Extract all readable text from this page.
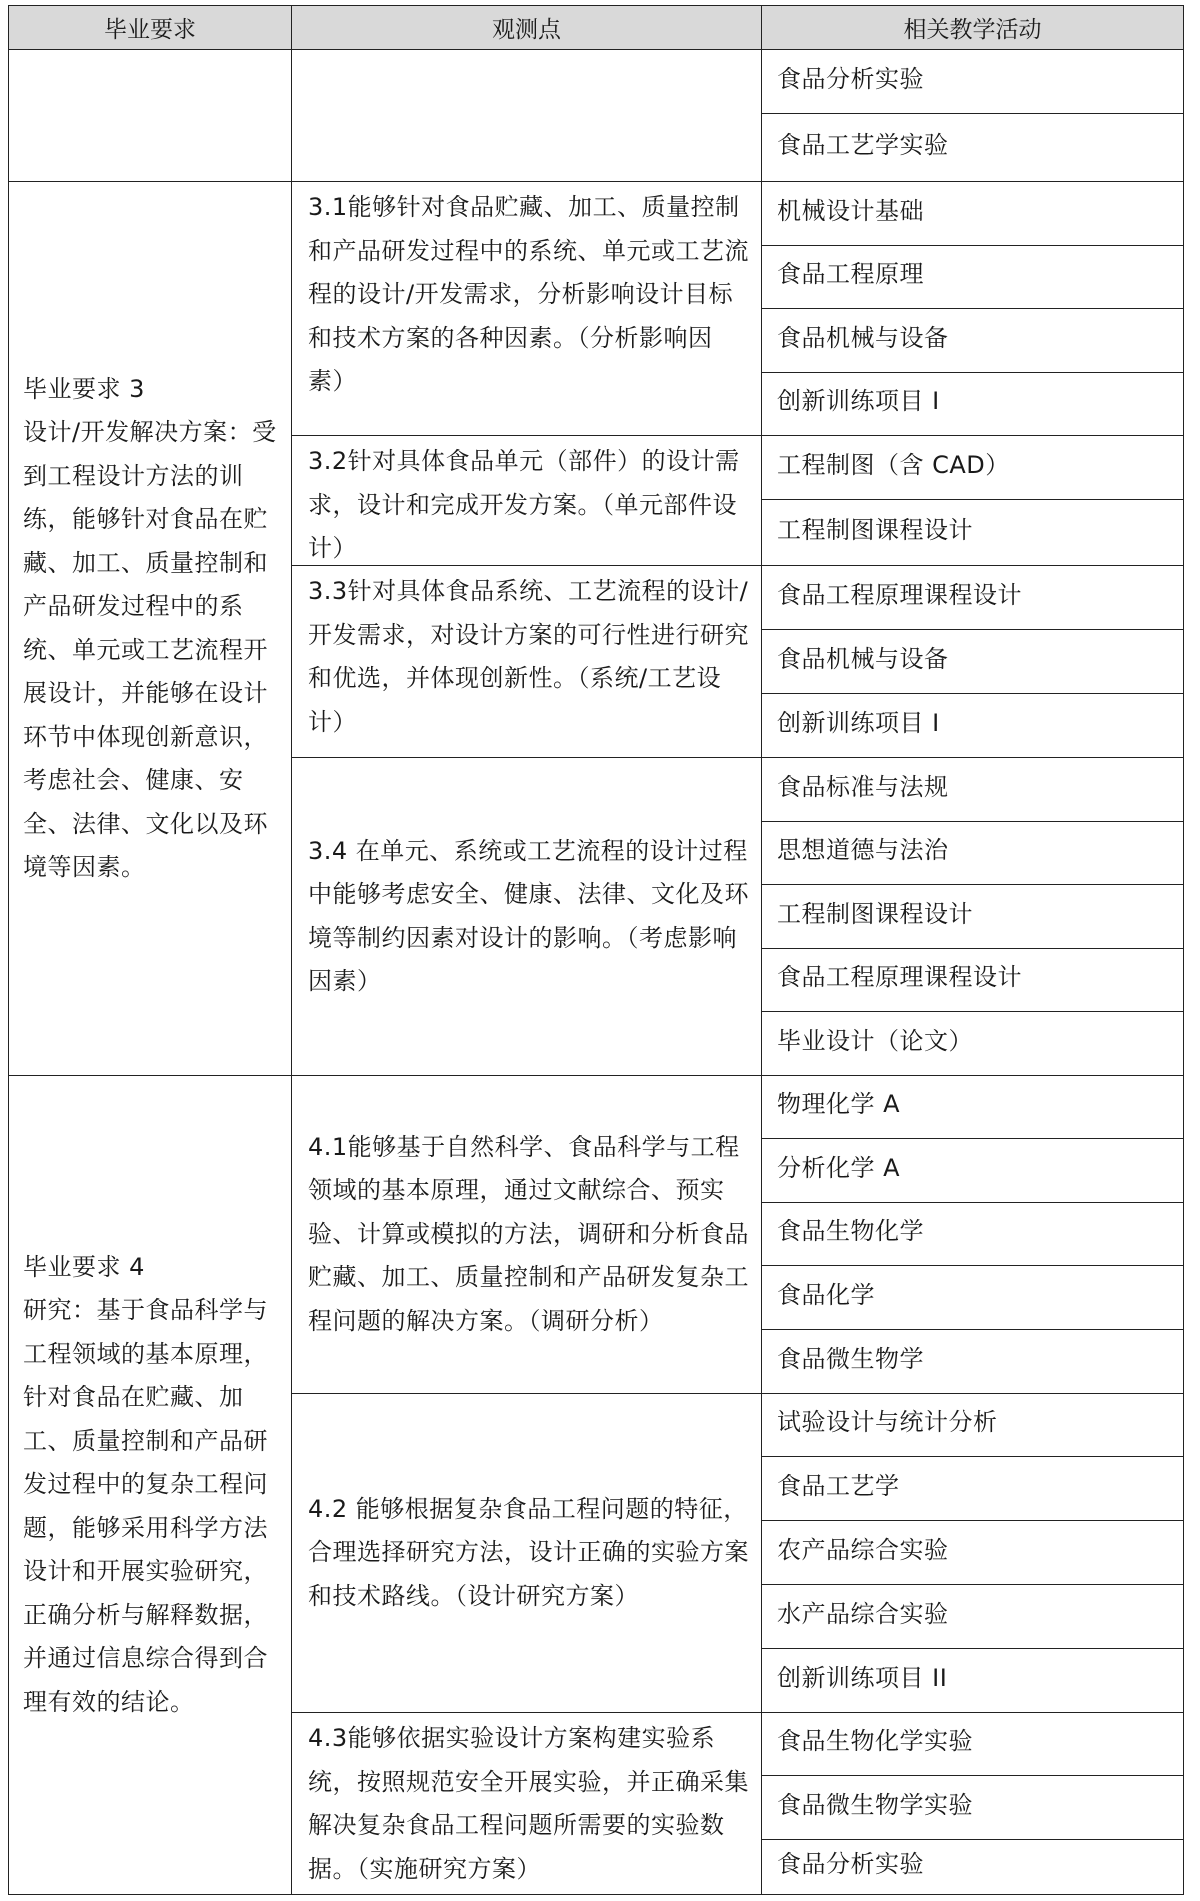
毕业要求	观测点	相关教学活动
毕业要求 3
设计/开发解决方案：受到工程设计方法的训练，能够针对食品在贮藏、加工、质量控制和产品研发过程中的系统、单元或工艺流程开展设计，并能够在设计环节中体现创新意识，考虑社会、健康、安全、法律、文化以及环境等因素。
3.1能够针对食品贮藏、加工、质量控制和产品研发过程中的系统、单元或工艺流程的设计/开发需求，分析影响设计目标和技术方案的各种因素。（分析影响因素）
3.2针对具体食品单元（部件）的设计需求，设计和完成开发方案。（单元部件设计）
3.3针对具体食品系统、工艺流程的设计/开发需求，对设计方案的可行性进行研究和优选，并体现创新性。（系统/工艺设计）
3.4 在单元、系统或工艺流程的设计过程中能够考虑安全、健康、法律、文化及环境等制约因素对设计的影响。（考虑影响因素）
毕业要求 4
研究：基于食品科学与工程领域的基本原理，针对食品在贮藏、加工、质量控制和产品研发过程中的复杂工程问题，能够采用科学方法设计和开展实验研究，正确分析与解释数据，并通过信息综合得到合理有效的结论。
4.1能够基于自然科学、食品科学与工程领域的基本原理，通过文献综合、预实验、计算或模拟的方法，调研和分析食品贮藏、加工、质量控制和产品研发复杂工程问题的解决方案。（调研分析）
4.2 能够根据复杂食品工程问题的特征，合理选择研究方法，设计正确的实验方案和技术路线。（设计研究方案）
4.3能够依据实验设计方案构建实验系统，按照规范安全开展实验，并正确采集解决复杂食品工程问题所需要的实验数据。（实施研究方案）
食品分析实验
食品工艺学实验
机械设计基础
食品工程原理
食品机械与设备
创新训练项目 I
工程制图（含 CAD）
工程制图课程设计
食品工程原理课程设计
食品机械与设备
创新训练项目 I
食品标准与法规
思想道德与法治
工程制图课程设计
食品工程原理课程设计
毕业设计（论文）
物理化学 A
分析化学 A
食品生物化学
食品化学
食品微生物学
试验设计与统计分析
食品工艺学
农产品综合实验
水产品综合实验
创新训练项目 II
食品生物化学实验
食品微生物学实验
食品分析实验
